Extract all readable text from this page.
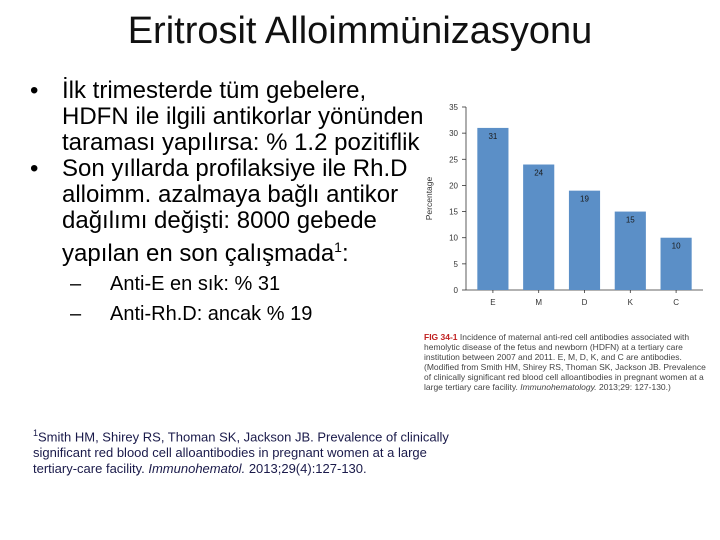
Eritrosit Alloimmünizasyonu
• İlk trimesterde tüm gebelere, HDFN ile ilgili antikorlar yönünden taraması yapılırsa: % 1.2 pozitiflik
• Son yıllarda profilaksiye ile Rh.D alloimm. azalmaya bağlı antikor dağılımı değişti: 8000 gebede yapılan en son çalışmada$^1$:
– Anti-E en sık: % 31
– Anti-Rh.D: ancak % 19
$^1$Smith HM, Shirey RS, Thoman SK, Jackson JB. Prevalence of clinically significant red blood cell alloantibodies in pregnant women at a large tertiary-care facility. Immunohematol. 2013;29(4):127-130.
0
5
10
15
20
25
30
35
Percentage
31
E
24
M
19
D
15
K
10
C
FIG 34-1 Incidence of maternal anti-red cell antibodies associated with hemolytic disease of the fetus and newborn (HDFN) at a tertiary care institution between 2007 and 2011. E, M, D, K, and C are antibodies. (Modified from Smith HM, Shirey RS, Thoman SK, Jackson JB. Prevalence of clinically significant red blood cell alloantibodies in pregnant women at a large tertiary care facility. Immunohematology. 2013;29: 127-130.)
